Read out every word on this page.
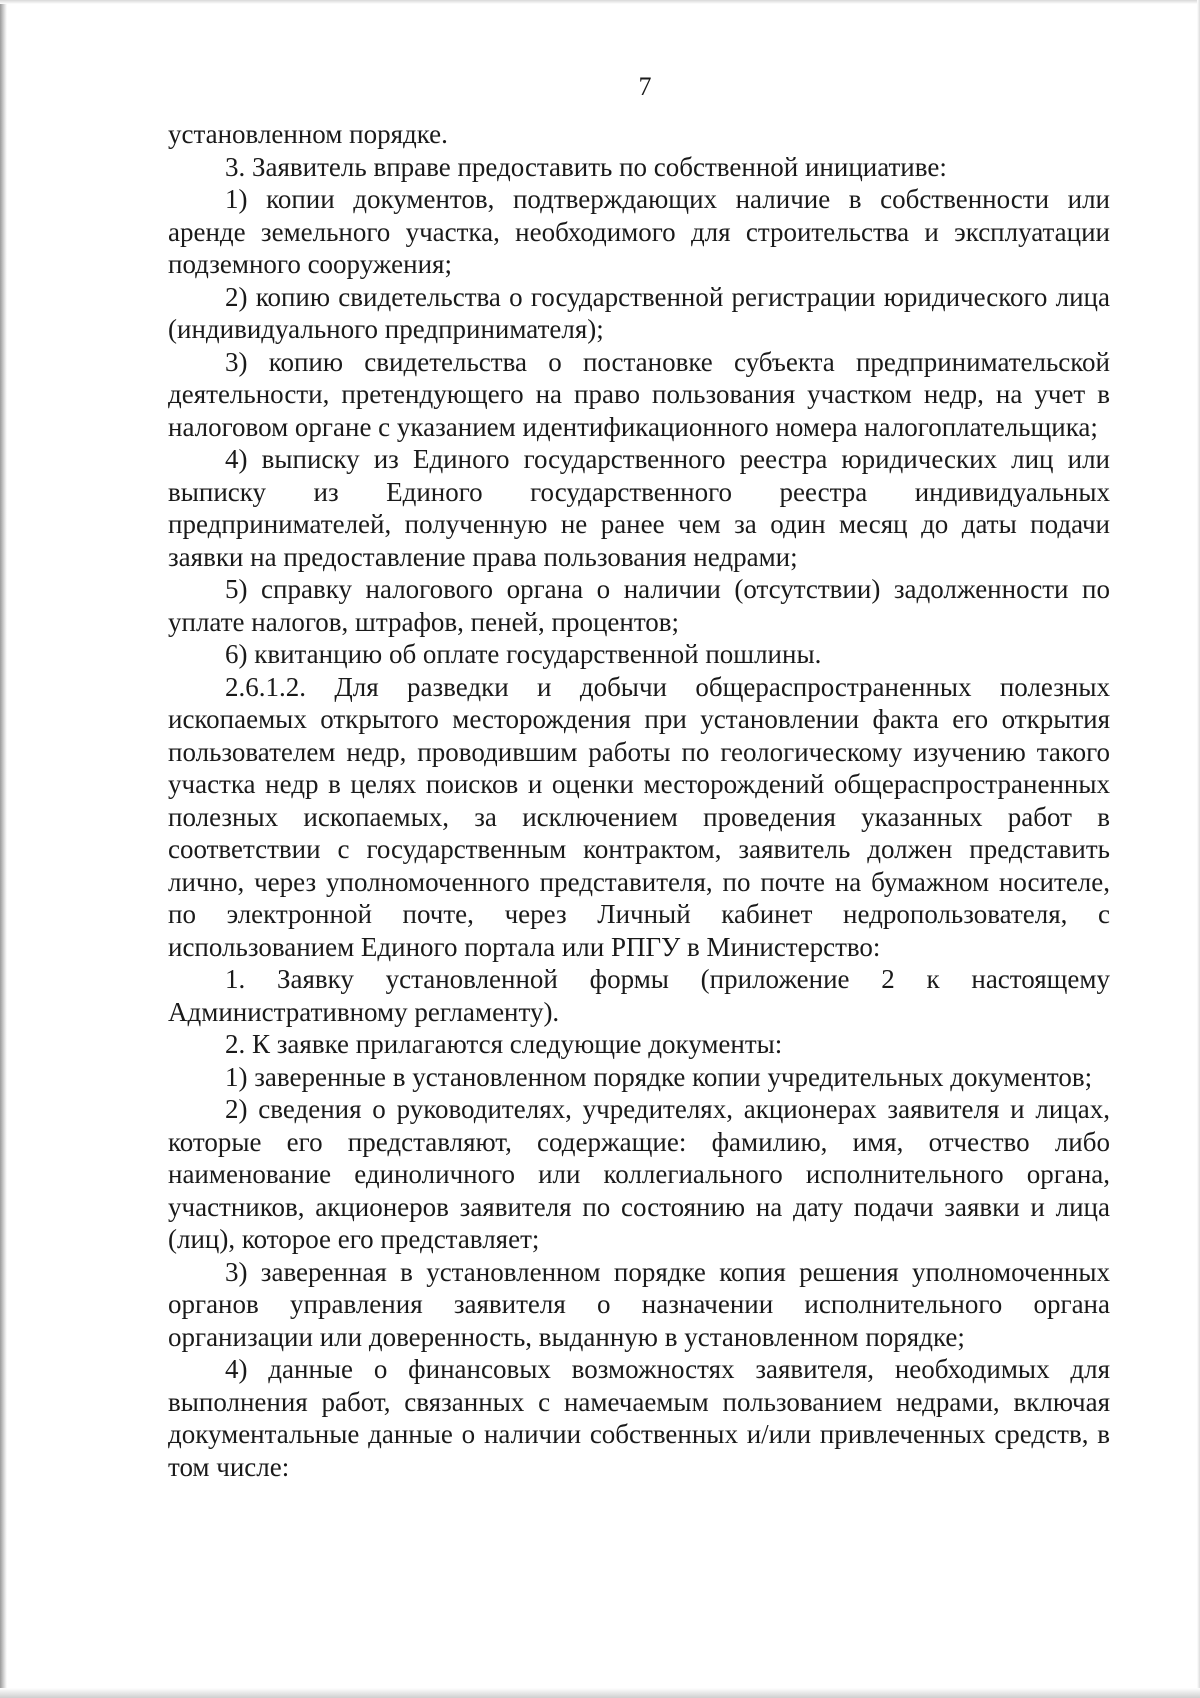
7

установленном порядке.

3. Заявитель вправе предоставить по собственной инициативе:

1) копии документов, подтверждающих наличие в собственности или аренде земельного участка, необходимого для строительства и эксплуатации подземного сооружения;

2) копию свидетельства о государственной регистрации юридического лица (индивидуального предпринимателя);

3) копию свидетельства о постановке субъекта предпринимательской деятельности, претендующего на право пользования участком недр, на учет в налоговом органе с указанием идентификационного номера налогоплательщика;

4) выписку из Единого государственного реестра юридических лиц или выписку из Единого государственного реестра индивидуальных предпринимателей, полученную не ранее чем за один месяц до даты подачи заявки на предоставление права пользования недрами;

5) справку налогового органа о наличии (отсутствии) задолженности по уплате налогов, штрафов, пеней, процентов;

6) квитанцию об оплате государственной пошлины.

2.6.1.2. Для разведки и добычи общераспространенных полезных ископаемых открытого месторождения при установлении факта его открытия пользователем недр, проводившим работы по геологическому изучению такого участка недр в целях поисков и оценки месторождений общераспространенных полезных ископаемых, за исключением проведения указанных работ в соответствии с государственным контрактом, заявитель должен представить лично, через уполномоченного представителя, по почте на бумажном носителе, по электронной почте, через Личный кабинет недропользователя, с использованием Единого портала или РПГУ в Министерство:

1. Заявку установленной формы (приложение 2 к настоящему Административному регламенту).

2. К заявке прилагаются следующие документы:

1) заверенные в установленном порядке копии учредительных документов;

2) сведения о руководителях, учредителях, акционерах заявителя и лицах, которые его представляют, содержащие: фамилию, имя, отчество либо наименование единоличного или коллегиального исполнительного органа, участников, акционеров заявителя по состоянию на дату подачи заявки и лица (лиц), которое его представляет;

3) заверенная в установленном порядке копия решения уполномоченных органов управления заявителя о назначении исполнительного органа организации или доверенность, выданную в установленном порядке;

4) данные о финансовых возможностях заявителя, необходимых для выполнения работ, связанных с намечаемым пользованием недрами, включая документальные данные о наличии собственных и/или привлеченных средств, в том числе:
